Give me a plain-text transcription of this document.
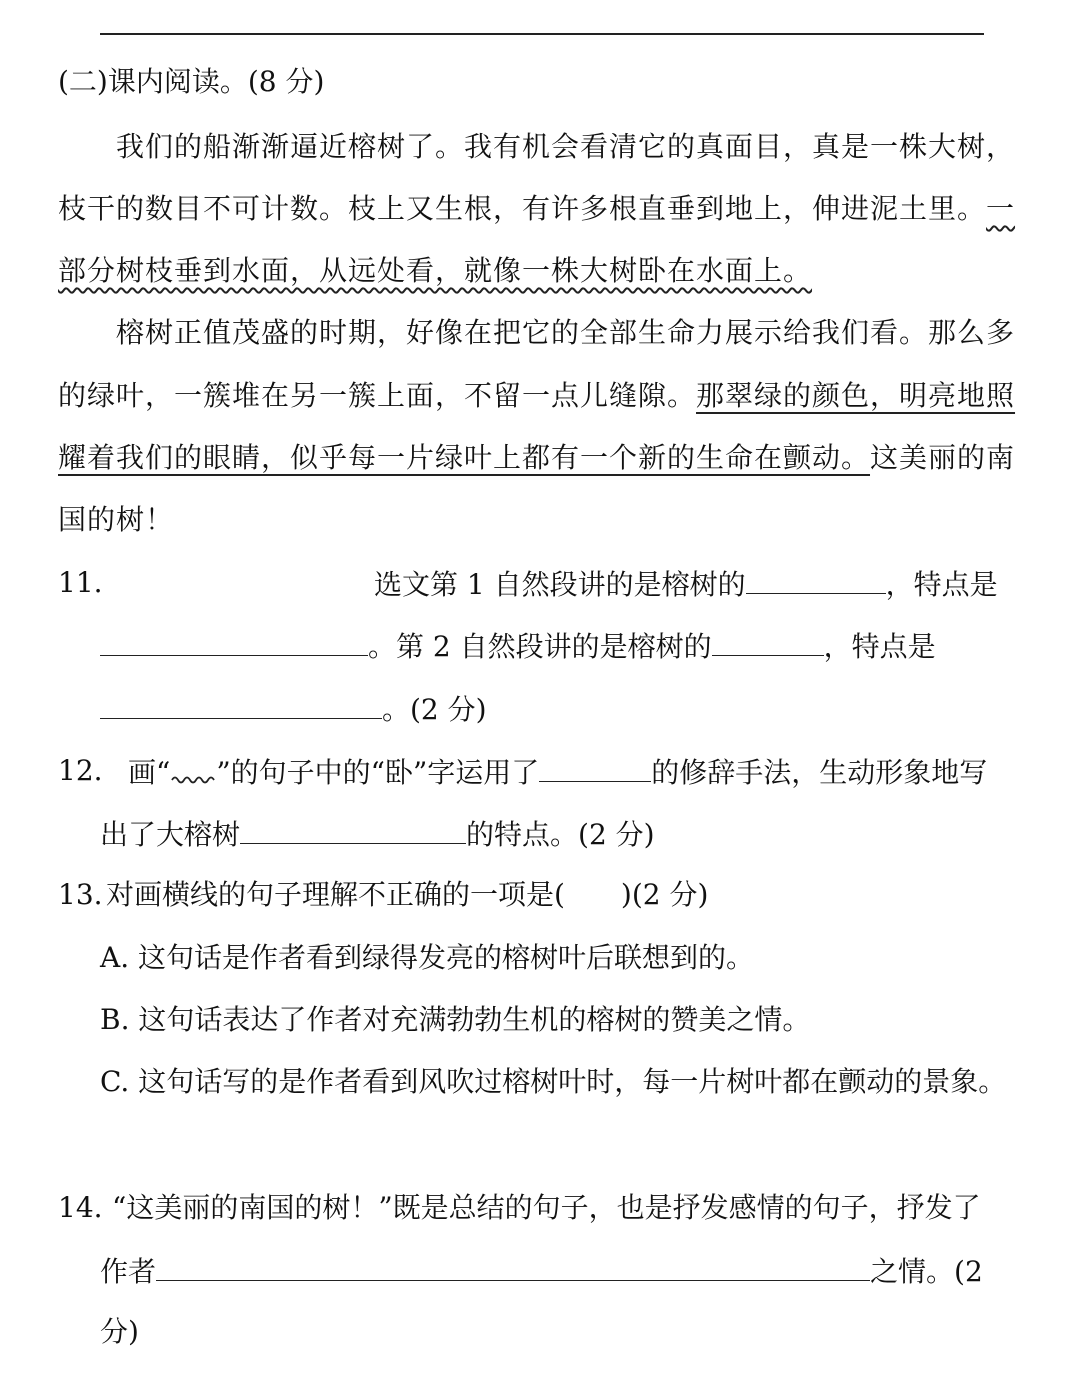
(二)课内阅读。(8 分)
我们的船渐渐逼近榕树了。我有机会看清它的真面目，真是一株大树，
枝干的数目不可计数。枝上又生根，有许多根直垂到地上，伸进泥土里。一
部分树枝垂到水面，从远处看，就像一株大树卧在水面上。
榕树正值茂盛的时期，好像在把它的全部生命力展示给我们看。那么多
的绿叶，一簇堆在另一簇上面，不留一点儿缝隙。那翠绿的颜色，明亮地照
耀着我们的眼睛，似乎每一片绿叶上都有一个新的生命在颤动。这美丽的南
国的树！
11.	选文第 1 自然段讲的是榕树的	，特点是
。第 2 自然段讲的是榕树的	，特点是
。(2 分)
12. 画“ ”的句子中的“卧”字运用了	的修辞手法，生动形象地写
出了大榕树	的特点。(2 分)
13. 对画横线的句子理解不正确的一项是(　　)(2 分)
A. 这句话是作者看到绿得发亮的榕树叶后联想到的。
B. 这句话表达了作者对充满勃勃生机的榕树的赞美之情。
C. 这句话写的是作者看到风吹过榕树叶时，每一片树叶都在颤动的景象。
14. “这美丽的南国的树！”既是总结的句子，也是抒发感情的句子，抒发了
作者	之情。(2
分)
